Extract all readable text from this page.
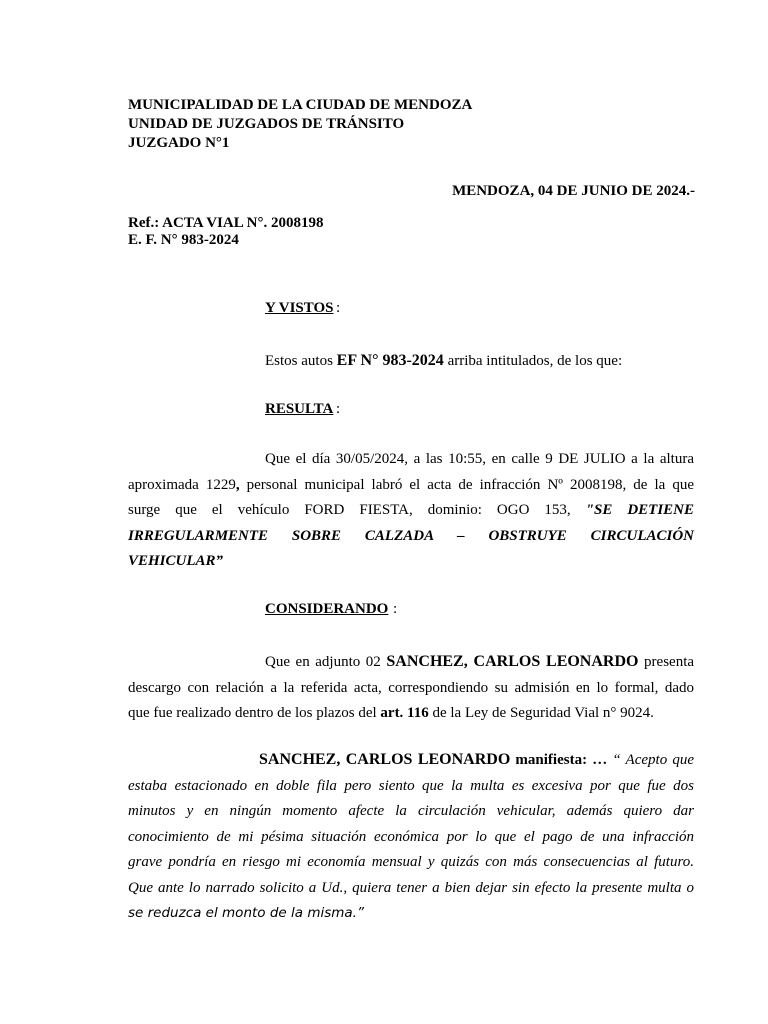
MUNICIPALIDAD DE LA CIUDAD DE MENDOZA
UNIDAD DE JUZGADOS DE TRÁNSITO
JUZGADO N°1
MENDOZA, 04 DE JUNIO DE 2024.-
Ref.: ACTA VIAL N°. 2008198
E. F. N° 983-2024
Y VISTOS :
Estos autos EF N° 983-2024 arriba intitulados, de los que:
RESULTA :
Que el día 30/05/2024, a las 10:55, en calle 9 DE JULIO a la altura
aproximada 1229, personal municipal labró el acta de infracción Nº 2008198, de la que
surge que el vehículo FORD FIESTA, dominio: OGO 153, "SE DETIENE
IRREGULARMENTE SOBRE CALZADA – OBSTRUYE CIRCULACIÓN
VEHICULAR”
CONSIDERANDO :
Que en adjunto 02 SANCHEZ, CARLOS LEONARDO presenta
descargo con relación a la referida acta, correspondiendo su admisión en lo formal, dado
que fue realizado dentro de los plazos del art. 116 de la Ley de Seguridad Vial n° 9024.
SANCHEZ, CARLOS LEONARDO manifiesta: … “ Acepto que
estaba estacionado en doble fila pero siento que la multa es excesiva por que fue dos
minutos y en ningún momento afecte la circulación vehicular, además quiero dar
conocimiento de mi pésima situación económica por lo que el pago de una infracción
grave pondría en riesgo mi economía mensual y quizás con más consecuencias al futuro.
Que ante lo narrado solicito a Ud., quiera tener a bien dejar sin efecto la presente multa o
se reduzca el monto de la misma.”
